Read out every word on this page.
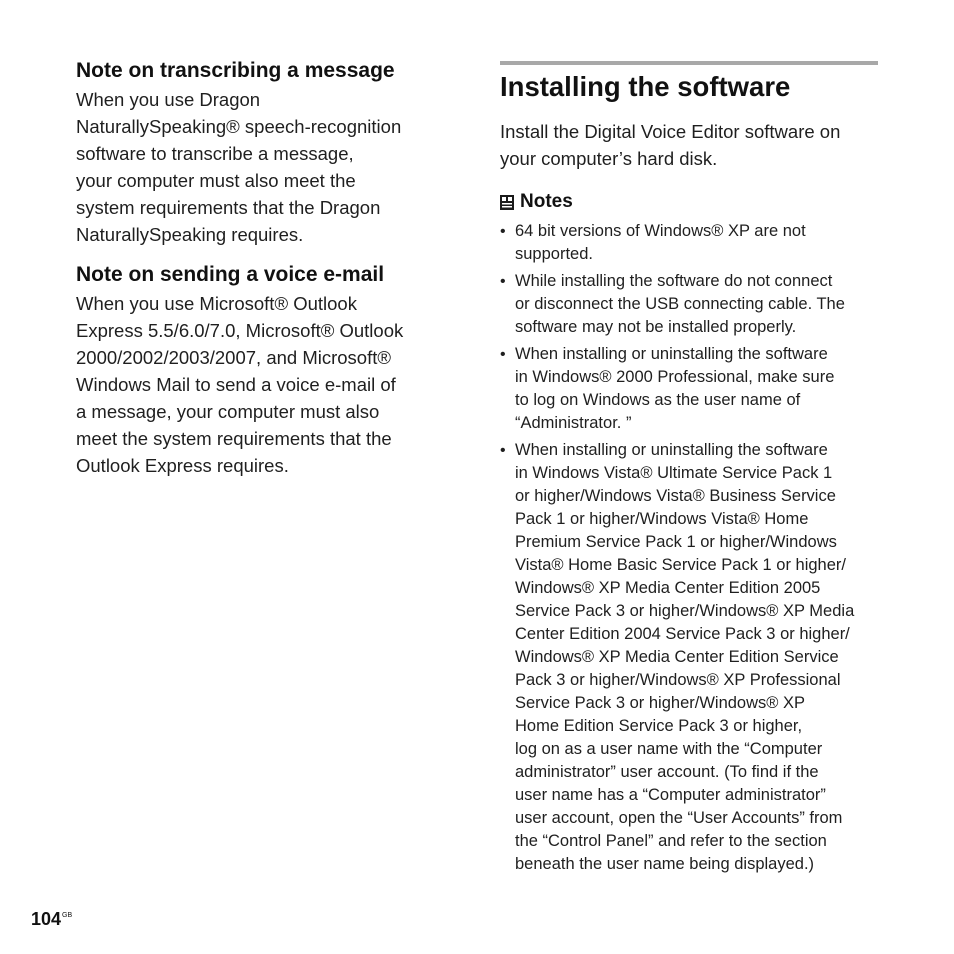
Note on transcribing a message

When you use Dragon
NaturallySpeaking® speech-recognition
software to transcribe a message,
your computer must also meet the
system requirements that the Dragon
NaturallySpeaking requires.

Note on sending a voice e-mail

When you use Microsoft® Outlook
Express 5.5/6.0/7.0, Microsoft® Outlook
2000/2002/2003/2007, and Microsoft®
Windows Mail to send a voice e-mail of
a message, your computer must also
meet the system requirements that the
Outlook Express requires.

Installing the software

Install the Digital Voice Editor software on
your computer’s hard disk.

Notes
• 64 bit versions of Windows® XP are not
supported.
• While installing the software do not connect
or disconnect the USB connecting cable. The
software may not be installed properly.
• When installing or uninstalling the software
in Windows® 2000 Professional, make sure
to log on Windows as the user name of
“Administrator. ”
• When installing or uninstalling the software
in Windows Vista® Ultimate Service Pack 1
or higher/Windows Vista® Business Service
Pack 1 or higher/Windows Vista® Home
Premium Service Pack 1 or higher/Windows
Vista® Home Basic Service Pack 1 or higher/
Windows® XP Media Center Edition 2005
Service Pack 3 or higher/Windows® XP Media
Center Edition 2004 Service Pack 3 or higher/
Windows® XP Media Center Edition Service
Pack 3 or higher/Windows® XP Professional
Service Pack 3 or higher/Windows® XP
Home Edition Service Pack 3 or higher,
log on as a user name with the “Computer
administrator” user account. (To find if the
user name has a “Computer administrator”
user account, open the “User Accounts” from
the “Control Panel” and refer to the section
beneath the user name being displayed.)
$104^{GB}$
